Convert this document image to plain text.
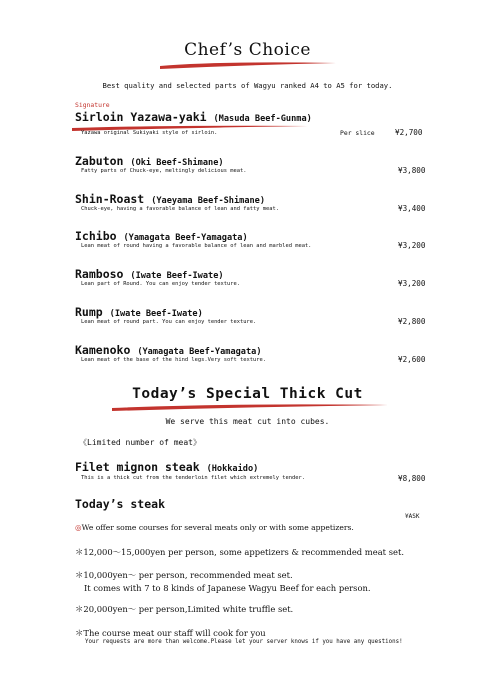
Chef’s Choice
Best quality and selected parts of Wagyu ranked A4 to A5 for today.
Signature
Sirloin Yazawa-yaki (Masuda Beef-Gunma)
Yazawa original Sukiyaki style of sirloin.	Per slice	¥2,700
Zabuton (Oki Beef-Shimane)
Fatty parts of Chuck-eye, meltingly delicious meat.	¥3,800
Shin-Roast (Yaeyama Beef-Shimane)
Chuck-eye, having a favorable balance of lean and fatty meat.	¥3,400
Ichibo (Yamagata Beef-Yamagata)
Lean meat of round having a favorable balance of lean and marbled meat.	¥3,200
Ramboso (Iwate Beef-Iwate)
Lean part of Round. You can enjoy tender texture.	¥3,200
Rump (Iwate Beef-Iwate)
Lean meat of round part. You can enjoy tender texture.	¥2,800
Kamenoko (Yamagata Beef-Yamagata)
Lean meat of the base of the hind legs.Very soft texture.	¥2,600
Today’s Special Thick Cut
We serve this meat cut into cubes.
《Limited number of meat》
Filet mignon steak (Hokkaido)
This is a thick cut from the tenderloin filet which extremely tender.	¥8,800
Today’s steak
¥ASK
◎We offer some courses for several meats only or with some appetizers.
＊12,000～15,000yen per person, some appetizers & recommended meat set.
＊10,000yen～ per person, recommended meat set.
It comes with 7 to 8 kinds of Japanese Wagyu Beef for each person.
＊20,000yen～ per person,Limited white truffle set.
＊The course meat our staff will cook for you
Your requests are more than welcome.Please let your server knows if you have any questions!
